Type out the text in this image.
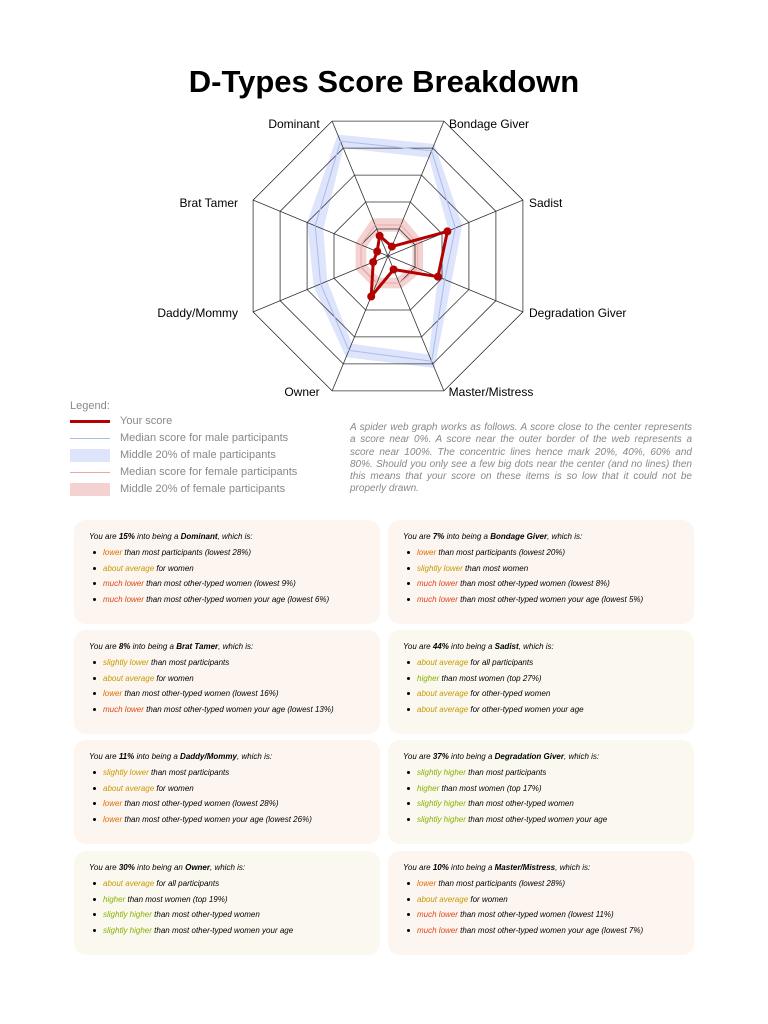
D-Types Score Breakdown
Dominant	Bondage Giver
Sadist
Degradation Giver
Master/Mistress
Owner
Daddy/Mommy
Brat Tamer
Legend:
Your score
Median score for male participants
Middle 20% of male participants
Median score for female participants
Middle 20% of female participants
A spider web graph works as follows. A score close to the center represents a score near 0%. A score near the outer border of the web represents a score near 100%. The concentric lines hence mark 20%, 40%, 60% and 80%. Should you only see a few big dots near the center (and no lines) then this means that your score on these items is so low that it could not be properly drawn.
You are 15% into being a Dominant, which is:
lower than most participants (lowest 28%)
about average for women
much lower than most other-typed women (lowest 9%)
much lower than most other-typed women your age (lowest 6%)
You are 7% into being a Bondage Giver, which is:
lower than most participants (lowest 20%)
slightly lower than most women
much lower than most other-typed women (lowest 8%)
much lower than most other-typed women your age (lowest 5%)
You are 8% into being a Brat Tamer, which is:
slightly lower than most participants
about average for women
lower than most other-typed women (lowest 16%)
much lower than most other-typed women your age (lowest 13%)
You are 44% into being a Sadist, which is:
about average for all participants
higher than most women (top 27%)
about average for other-typed women
about average for other-typed women your age
You are 11% into being a Daddy/Mommy, which is:
slightly lower than most participants
about average for women
lower than most other-typed women (lowest 28%)
lower than most other-typed women your age (lowest 26%)
You are 37% into being a Degradation Giver, which is:
slightly higher than most participants
higher than most women (top 17%)
slightly higher than most other-typed women
slightly higher than most other-typed women your age
You are 30% into being an Owner, which is:
about average for all participants
higher than most women (top 19%)
slightly higher than most other-typed women
slightly higher than most other-typed women your age
You are 10% into being a Master/Mistress, which is:
lower than most participants (lowest 28%)
about average for women
much lower than most other-typed women (lowest 11%)
much lower than most other-typed women your age (lowest 7%)
